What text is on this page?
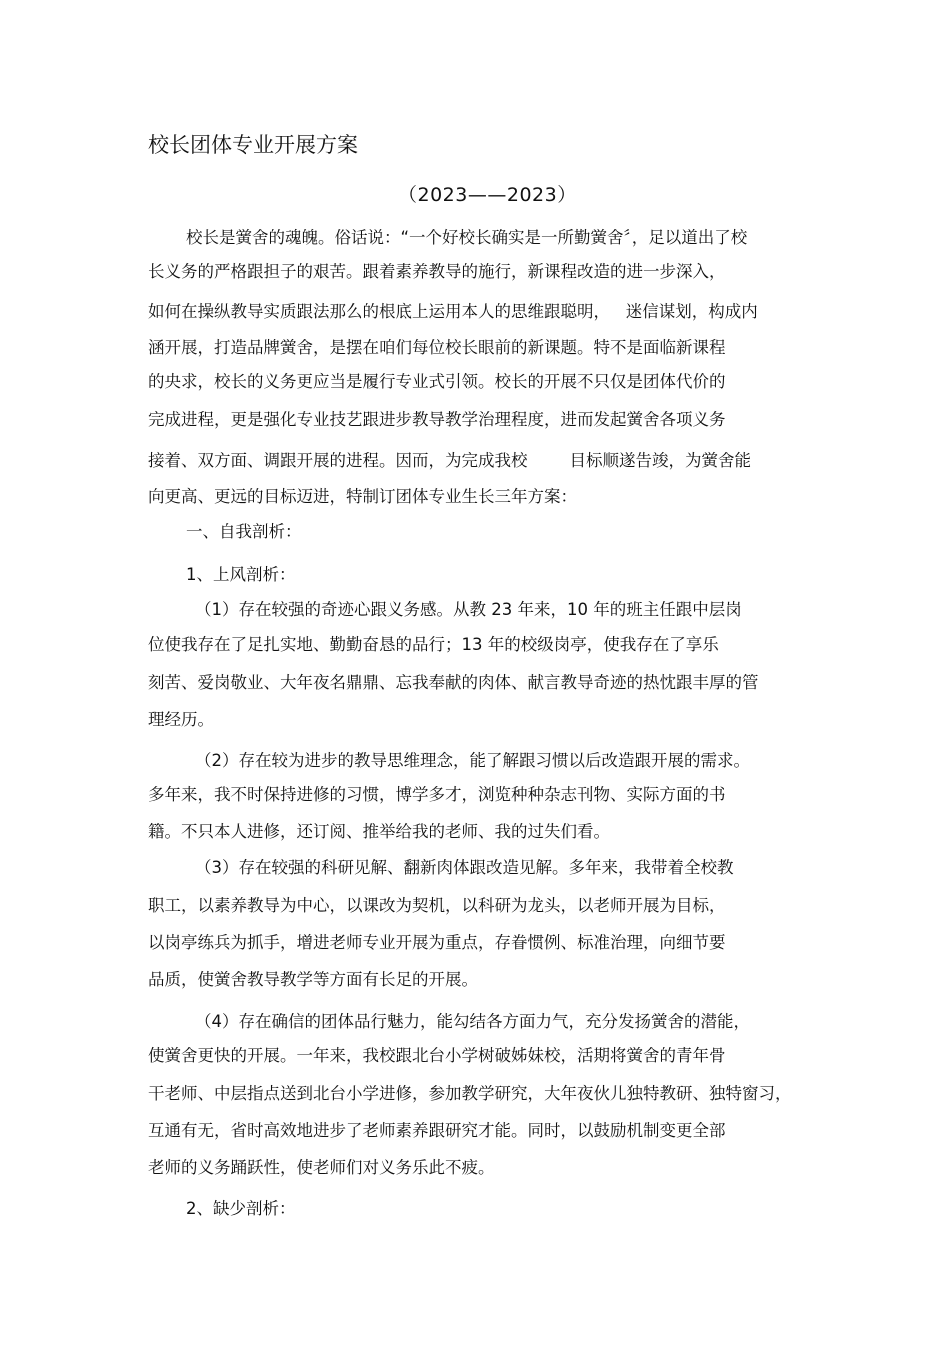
校长团体专业开展方案
（2023——2023）
校长是黉舍的魂魄。俗话说：“一个好校长确实是一所勤黉舍〞，足以道出了校
长义务的严格跟担子的艰苦。跟着素养教导的施行，新课程改造的进一步深入，
如何在操纵教导实质跟法那么的根底上运用本人的思维跟聪明，   迷信谋划，构成内
涵开展，打造品牌黉舍，是摆在咱们每位校长眼前的新课题。特不是面临新课程
的央求，校长的义务更应当是履行专业式引领。校长的开展不只仅是团体代价的
完成进程，更是强化专业技艺跟进步教导教学治理程度，进而发起黉舍各项义务
接着、双方面、调跟开展的进程。因而，为完成我校        目标顺遂告竣，为黉舍能
向更高、更远的目标迈进，特制订团体专业生长三年方案：
一、自我剖析：
1、上风剖析：
（1）存在较强的奇迹心跟义务感。从教 23 年来，10 年的班主任跟中层岗
位使我存在了足扎实地、勤勤奋恳的品行；13 年的校级岗亭，使我存在了享乐
刻苦、爱岗敬业、大年夜名鼎鼎、忘我奉献的肉体、献言教导奇迹的热忱跟丰厚的管
理经历。
（2）存在较为进步的教导思维理念，能了解跟习惯以后改造跟开展的需求。
多年来，我不时保持进修的习惯，博学多才，浏览种种杂志刊物、实际方面的书
籍。不只本人进修，还订阅、推举给我的老师、我的过失们看。
（3）存在较强的科研见解、翻新肉体跟改造见解。多年来，我带着全校教
职工，以素养教导为中心，以课改为契机，以科研为龙头，以老师开展为目标，
以岗亭练兵为抓手，增进老师专业开展为重点，存眷惯例、标准治理，向细节要
品质，使黉舍教导教学等方面有长足的开展。
（4）存在确信的团体品行魅力，能勾结各方面力气，充分发扬黉舍的潜能，
使黉舍更快的开展。一年来，我校跟北台小学树破姊妹校，活期将黉舍的青年骨
干老师、中层指点送到北台小学进修，参加教学研究，大年夜伙儿独特教研、独特窗习，
互通有无，省时高效地进步了老师素养跟研究才能。同时，以鼓励机制变更全部
老师的义务踊跃性，使老师们对义务乐此不疲。
2、缺少剖析：
